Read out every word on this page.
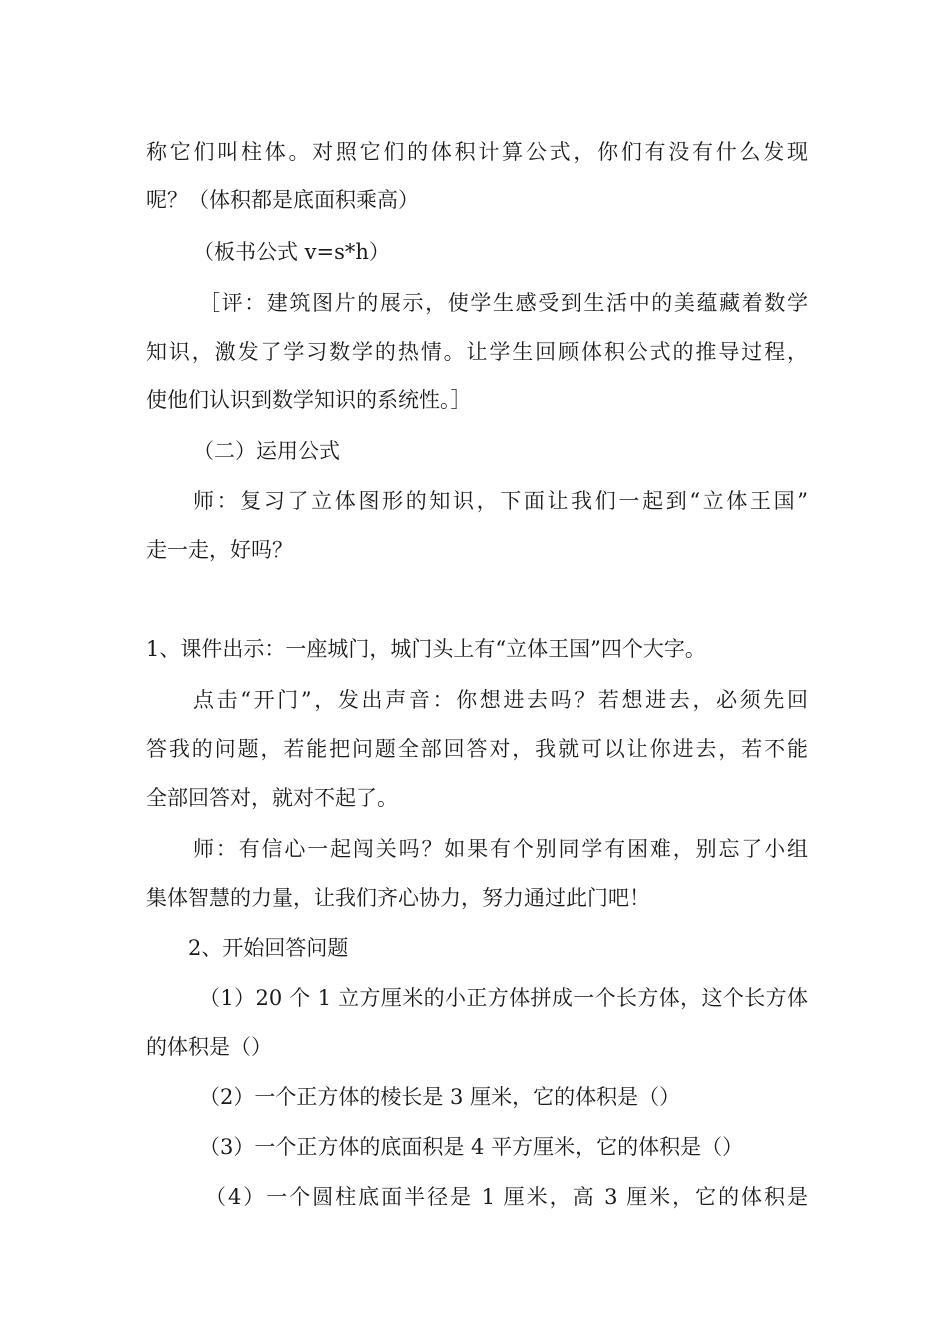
称它们叫柱体。对照它们的体积计算公式，你们有没有什么发现

呢？（体积都是底面积乘高）

（板书公式 v=s*h）

［评：建筑图片的展示，使学生感受到生活中的美蕴藏着数学

知识，激发了学习数学的热情。让学生回顾体积公式的推导过程，

使他们认识到数学知识的系统性。］

（二）运用公式

师：复习了立体图形的知识，下面让我们一起到“立体王国”

走一走，好吗？

1、课件出示：一座城门，城门头上有“立体王国”四个大字。

点击“开门”，发出声音：你想进去吗？若想进去，必须先回

答我的问题，若能把问题全部回答对，我就可以让你进去，若不能

全部回答对，就对不起了。

师：有信心一起闯关吗？如果有个别同学有困难，别忘了小组

集体智慧的力量，让我们齐心协力，努力通过此门吧！

2、开始回答问题

（1）20 个 1 立方厘米的小正方体拼成一个长方体，这个长方体

的体积是（）

（2）一个正方体的棱长是 3 厘米，它的体积是（）

（3）一个正方体的底面积是 4 平方厘米，它的体积是（）

（4）一个圆柱底面半径是 1 厘米，高 3 厘米，它的体积是
